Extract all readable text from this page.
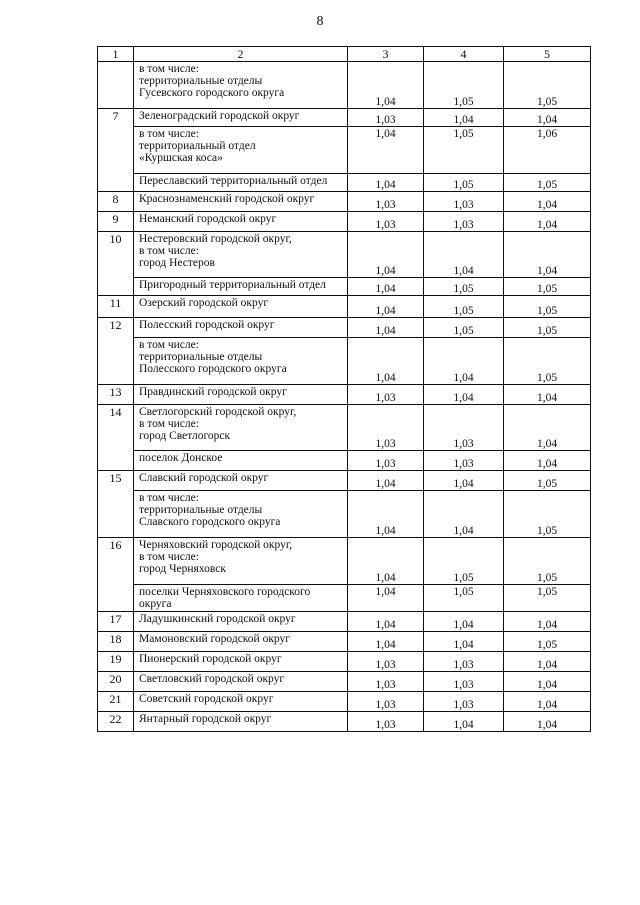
8
1	2	3	4	5
	в том числе:
территориальные отделы
Гусевского городского округа	1,04	1,05	1,05
7	Зеленоградский городской округ	1,03	1,04	1,04
	в том числе:
территориальный отдел
«Куршская коса»	1,04	1,05	1,06
	Переславский территориальный отдел	1,04	1,05	1,05
8	Краснознаменский городской округ	1,03	1,03	1,04
9	Неманский городской округ	1,03	1,03	1,04
10	Нестеровский городской округ,
в том числе:
город Нестеров	1,04	1,04	1,04
	Пригородный территориальный отдел	1,04	1,05	1,05
11	Озерский городской округ	1,04	1,05	1,05
12	Полесский городской округ	1,04	1,05	1,05
	в том числе:
территориальные отделы
Полесского городского округа	1,04	1,04	1,05
13	Правдинский городской округ	1,03	1,04	1,04
14	Светлогорский городской округ,
в том числе:
город Светлогорск	1,03	1,03	1,04
	поселок Донское	1,03	1,03	1,04
15	Славский городской округ	1,04	1,04	1,05
	в том числе:
территориальные отделы
Славского городского округа	1,04	1,04	1,05
16	Черняховский городской округ,
в том числе:
город Черняховск	1,04	1,05	1,05
	поселки Черняховского городского
округа	1,04	1,05	1,05
17	Ладушкинский городской округ	1,04	1,04	1,04
18	Мамоновский городской округ	1,04	1,04	1,05
19	Пионерский городской округ	1,03	1,03	1,04
20	Светловский городской округ	1,03	1,03	1,04
21	Советский городской округ	1,03	1,03	1,04
22	Янтарный городской округ	1,03	1,04	1,04
